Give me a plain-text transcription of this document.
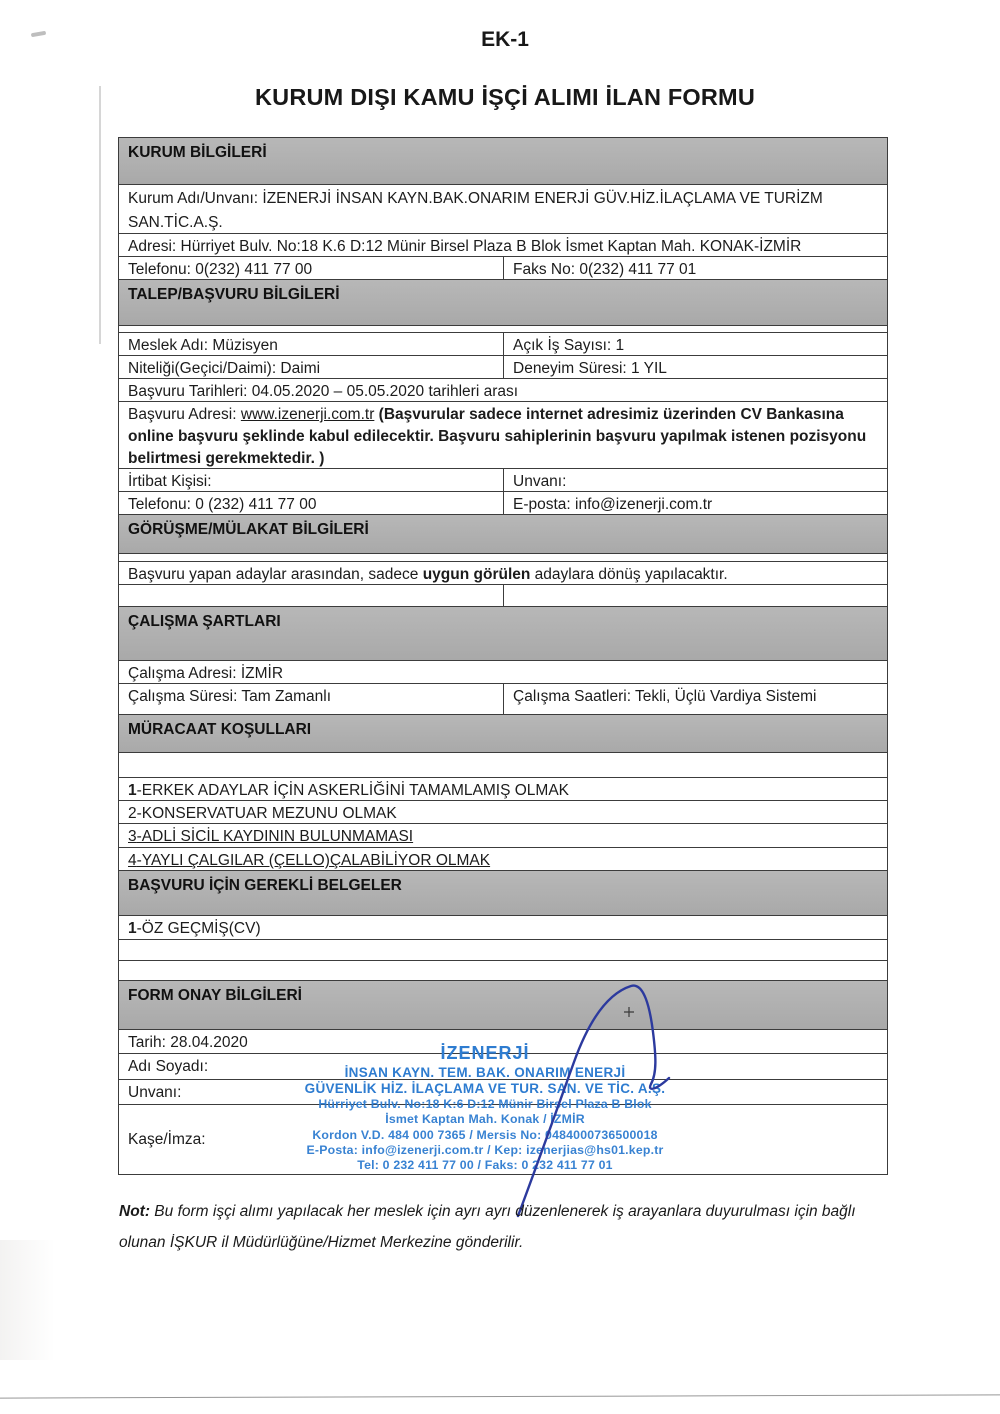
EK-1
KURUM DIŞI KAMU İŞÇİ ALIMI İLAN FORMU
KURUM BİLGİLERİ
Kurum Adı/Unvanı: İZENERJİ İNSAN KAYN.BAK.ONARIM ENERJİ GÜV.HİZ.İLAÇLAMA VE TURİZM SAN.TİC.A.Ş.
Adresi: Hürriyet Bulv. No:18 K.6 D:12 Münir Birsel Plaza B Blok İsmet Kaptan Mah. KONAK-İZMİR
Telefonu: 0(232) 411 77 00	Faks No: 0(232) 411 77 01
TALEP/BAŞVURU BİLGİLERİ
Meslek Adı: Müzisyen	Açık İş Sayısı: 1
Niteliği(Geçici/Daimi): Daimi	Deneyim Süresi: 1 YIL
Başvuru Tarihleri: 04.05.2020 – 05.05.2020 tarihleri arası
Başvuru Adresi: www.izenerji.com.tr (Başvurular sadece internet adresimiz üzerinden CV Bankasına online başvuru şeklinde kabul edilecektir. Başvuru sahiplerinin başvuru yapılmak istenen pozisyonu belirtmesi gerekmektedir. )
İrtibat Kişisi:	Unvanı:
Telefonu: 0 (232) 411 77 00	E-posta: info@izenerji.com.tr
GÖRÜŞME/MÜLAKAT BİLGİLERİ
Başvuru yapan adaylar arasından, sadece uygun görülen adaylara dönüş yapılacaktır.
ÇALIŞMA ŞARTLARI
Çalışma Adresi: İZMİR
Çalışma Süresi: Tam Zamanlı	Çalışma Saatleri: Tekli, Üçlü Vardiya Sistemi
MÜRACAAT KOŞULLARI
1-ERKEK ADAYLAR İÇİN ASKERLİĞİNİ TAMAMLAMIŞ OLMAK
2-KONSERVATUAR MEZUNU OLMAK
3-ADLİ SİCİL KAYDININ BULUNMAMASI
4-YAYLI ÇALGILAR (ÇELLO)ÇALABİLİYOR OLMAK
BAŞVURU İÇİN GEREKLİ BELGELER
1-ÖZ GEÇMİŞ(CV)
FORM ONAY BİLGİLERİ
Tarih: 28.04.2020
Adı Soyadı:
Unvanı:
Kaşe/İmza:
İZENERJİ
İNSAN KAYN. TEM. BAK. ONARIM ENERJİ
GÜVENLİK HİZ. İLAÇLAMA VE TUR. SAN. VE TİC. A.Ş.
Hürriyet Bulv. No:18 K:6 D:12 Münir Birsel Plaza B Blok
İsmet Kaptan Mah. Konak / İZMİR
Kordon V.D. 484 000 7365 / Mersis No: 0484000736500018
E-Posta: info@izenerji.com.tr / Kep: izenerjias@hs01.kep.tr
Tel: 0 232 411 77 00 / Faks: 0 232 411 77 01

Not: Bu form işçi alımı yapılacak her meslek için ayrı ayrı düzenlenerek iş arayanlara duyurulması için bağlı olunan İŞKUR il Müdürlüğüne/Hizmet Merkezine gönderilir.
